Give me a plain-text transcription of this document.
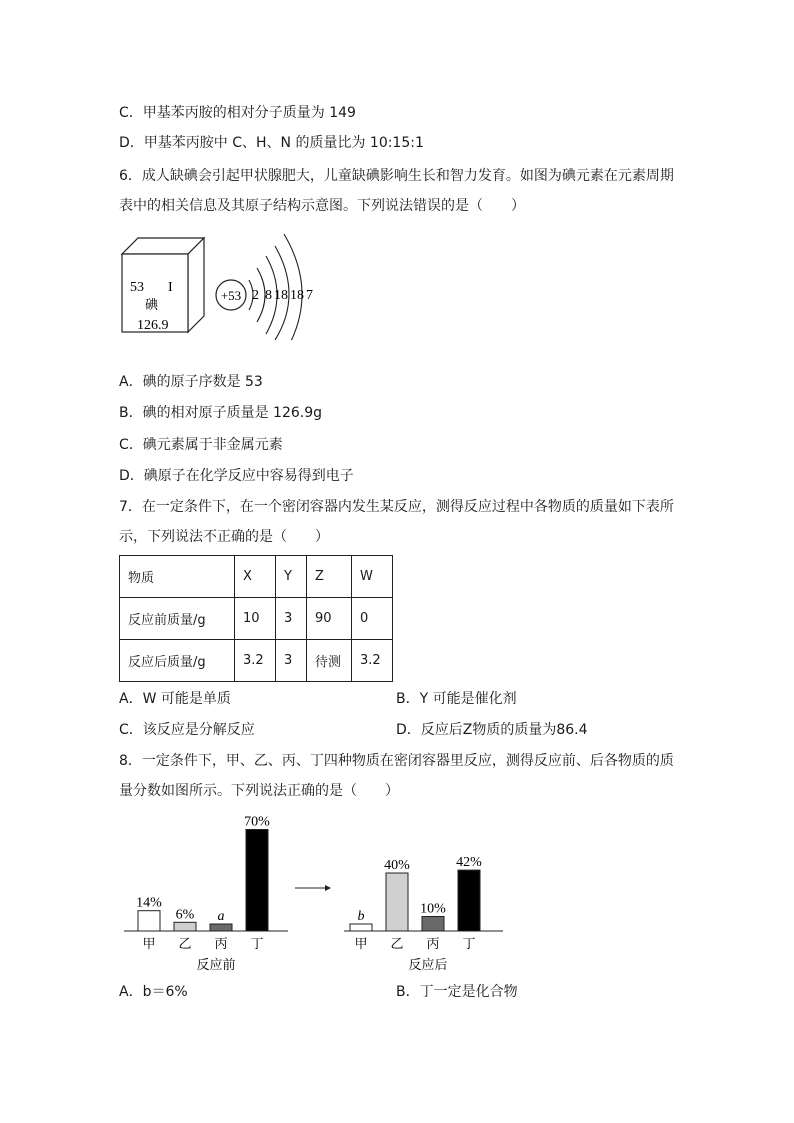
C．甲基苯丙胺的相对分子质量为 149
D．甲基苯丙胺中 C、H、N 的质量比为 10:15:1
6．成人缺碘会引起甲状腺肥大，儿童缺碘影响生长和智力发育。如图为碘元素在元素周期
表中的相关信息及其原子结构示意图。下列说法错误的是（　　）
53 I
碘
126.9
+53 2 8 18 18 7
A．碘的原子序数是 53
B．碘的相对原子质量是 126.9g
C．碘元素属于非金属元素
D．碘原子在化学反应中容易得到电子
7．在一定条件下，在一个密闭容器内发生某反应，测得反应过程中各物质的质量如下表所
示，下列说法不正确的是（　　）
物质	X	Y	Z	W
反应前质量/g	10	3	90	0
反应后质量/g	3.2	3	待测	3.2
A．W 可能是单质	B．Y 可能是催化剂
C．该反应是分解反应	D．反应后Z物质的质量为86.4
8．一定条件下，甲、乙、丙、丁四种物质在密闭容器里反应，测得反应前、后各物质的质
量分数如图所示。下列说法正确的是（　　）
14%
甲
6%
乙
a
丙
70%
丁
反应前
b
甲
40%
乙
10%
丙
42%
丁
反应后
A．b＝6%	B．丁一定是化合物
